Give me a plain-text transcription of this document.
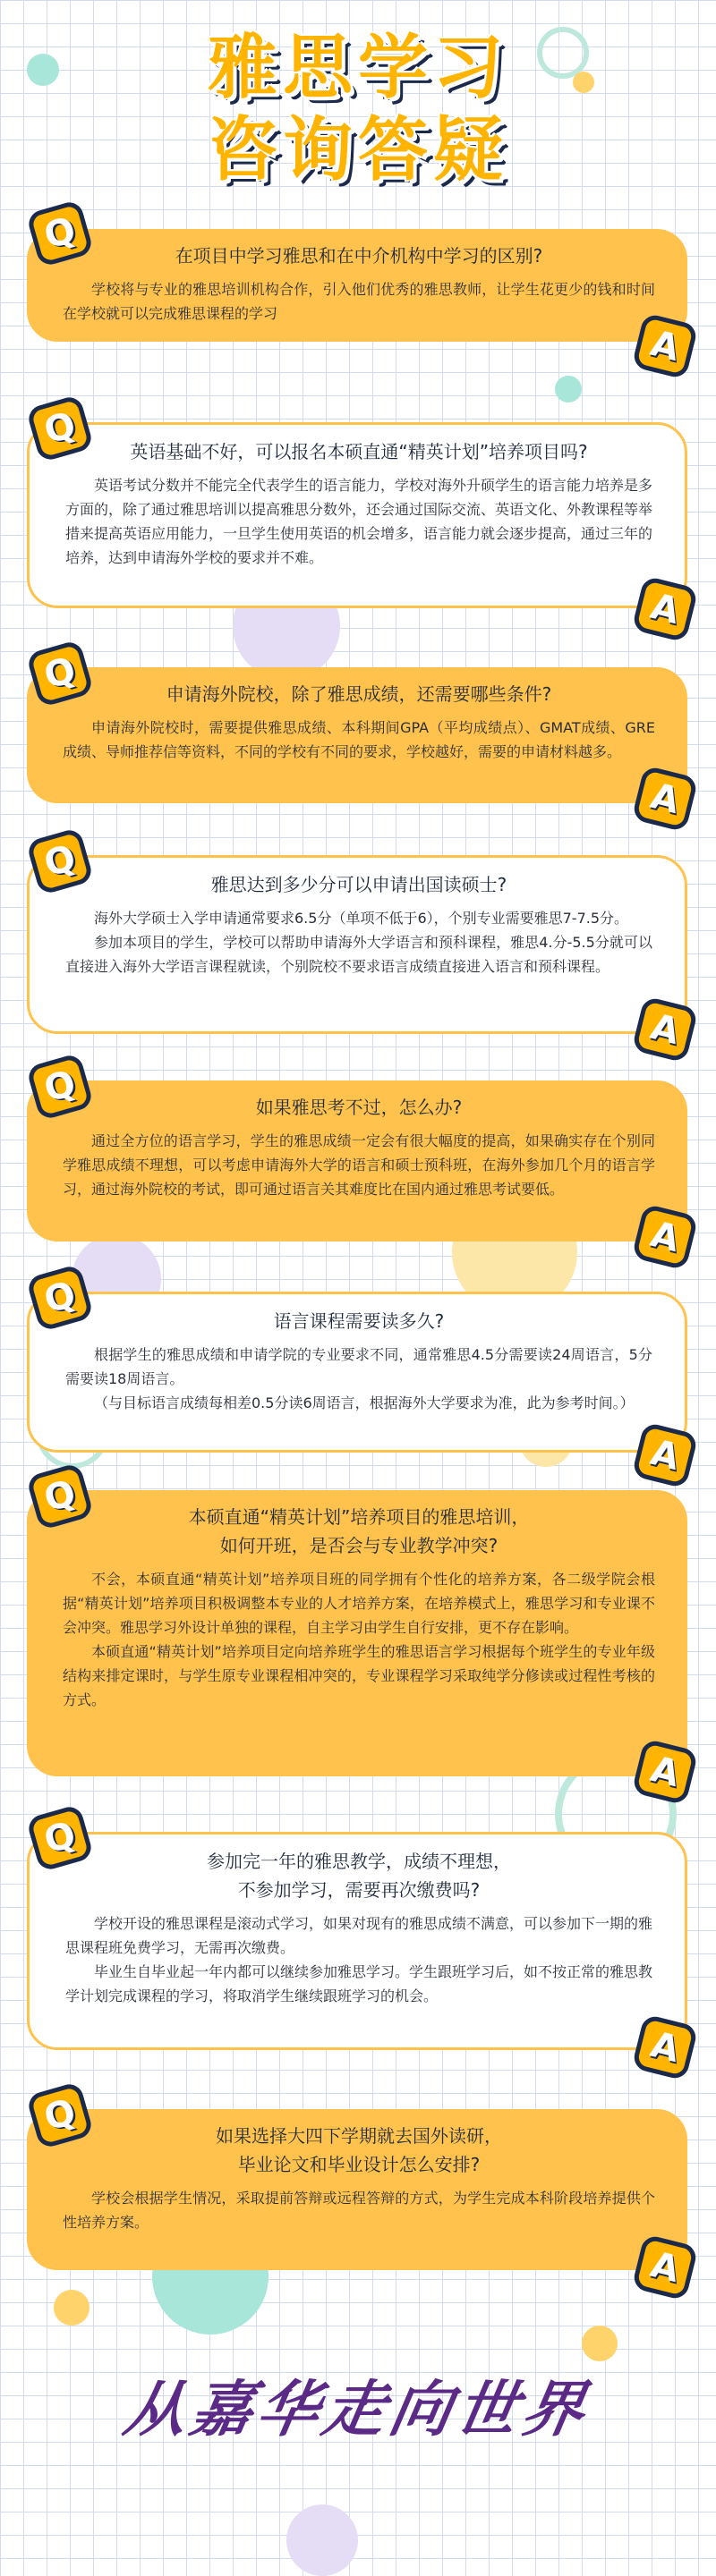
雅思学习
咨询答疑
在项目中学习雅思和在中介机构中学习的区别?

学校将与专业的雅思培训机构合作，引入他们优秀的雅思教师，让学生花更少的钱和时间在学校就可以完成雅思课程的学习

Q
A
英语基础不好，可以报名本硕直通“精英计划”培养项目吗?

英语考试分数并不能完全代表学生的语言能力，学校对海外升硕学生的语言能力培养是多方面的，除了通过雅思培训以提高雅思分数外，还会通过国际交流、英语文化、外教课程等举措来提高英语应用能力，一旦学生使用英语的机会增多，语言能力就会逐步提高，通过三年的培养，达到申请海外学校的要求并不难。

Q
A
申请海外院校，除了雅思成绩，还需要哪些条件?

申请海外院校时，需要提供雅思成绩、本科期间GPA（平均成绩点）、GMAT成绩、GRE成绩、导师推荐信等资料，不同的学校有不同的要求，学校越好，需要的申请材料越多。

Q
A
雅思达到多少分可以申请出国读硕士?

海外大学硕士入学申请通常要求6.5分（单项不低于6），个别专业需要雅思7-7.5分。

参加本项目的学生，学校可以帮助申请海外大学语言和预科课程，雅思4.分-5.5分就可以直接进入海外大学语言课程就读，个别院校不要求语言成绩直接进入语言和预科课程。

Q
A
如果雅思考不过，怎么办?

通过全方位的语言学习，学生的雅思成绩一定会有很大幅度的提高，如果确实存在个别同学雅思成绩不理想，可以考虑申请海外大学的语言和硕士预科班，在海外参加几个月的语言学习，通过海外院校的考试，即可通过语言关其难度比在国内通过雅思考试要低。

Q
A
语言课程需要读多久?

根据学生的雅思成绩和申请学院的专业要求不同，通常雅思4.5分需要读24周语言，5分需要读18周语言。

（与目标语言成绩每相差0.5分读6周语言，根据海外大学要求为准，此为参考时间。）

Q
A
本硕直通“精英计划”培养项目的雅思培训，
如何开班，是否会与专业教学冲突?

不会，本硕直通“精英计划”培养项目班的同学拥有个性化的培养方案，各二级学院会根据“精英计划”培养项目积极调整本专业的人才培养方案，在培养模式上，雅思学习和专业课不会冲突。雅思学习外设计单独的课程，自主学习由学生自行安排，更不存在影响。

本硕直通“精英计划”培养项目定向培养班学生的雅思语言学习根据每个班学生的专业年级结构来排定课时，与学生原专业课程相冲突的，专业课程学习采取纯学分修读或过程性考核的方式。

Q
A
参加完一年的雅思教学，成绩不理想，
不参加学习，需要再次缴费吗?

学校开设的雅思课程是滚动式学习，如果对现有的雅思成绩不满意，可以参加下一期的雅思课程班免费学习，无需再次缴费。

毕业生自毕业起一年内都可以继续参加雅思学习。学生跟班学习后，如不按正常的雅思教学计划完成课程的学习，将取消学生继续跟班学习的机会。

Q
A
如果选择大四下学期就去国外读研，
毕业论文和毕业设计怎么安排?

学校会根据学生情况，采取提前答辩或远程答辩的方式，为学生完成本科阶段培养提供个性培养方案。

Q
A
从嘉华走向世界
